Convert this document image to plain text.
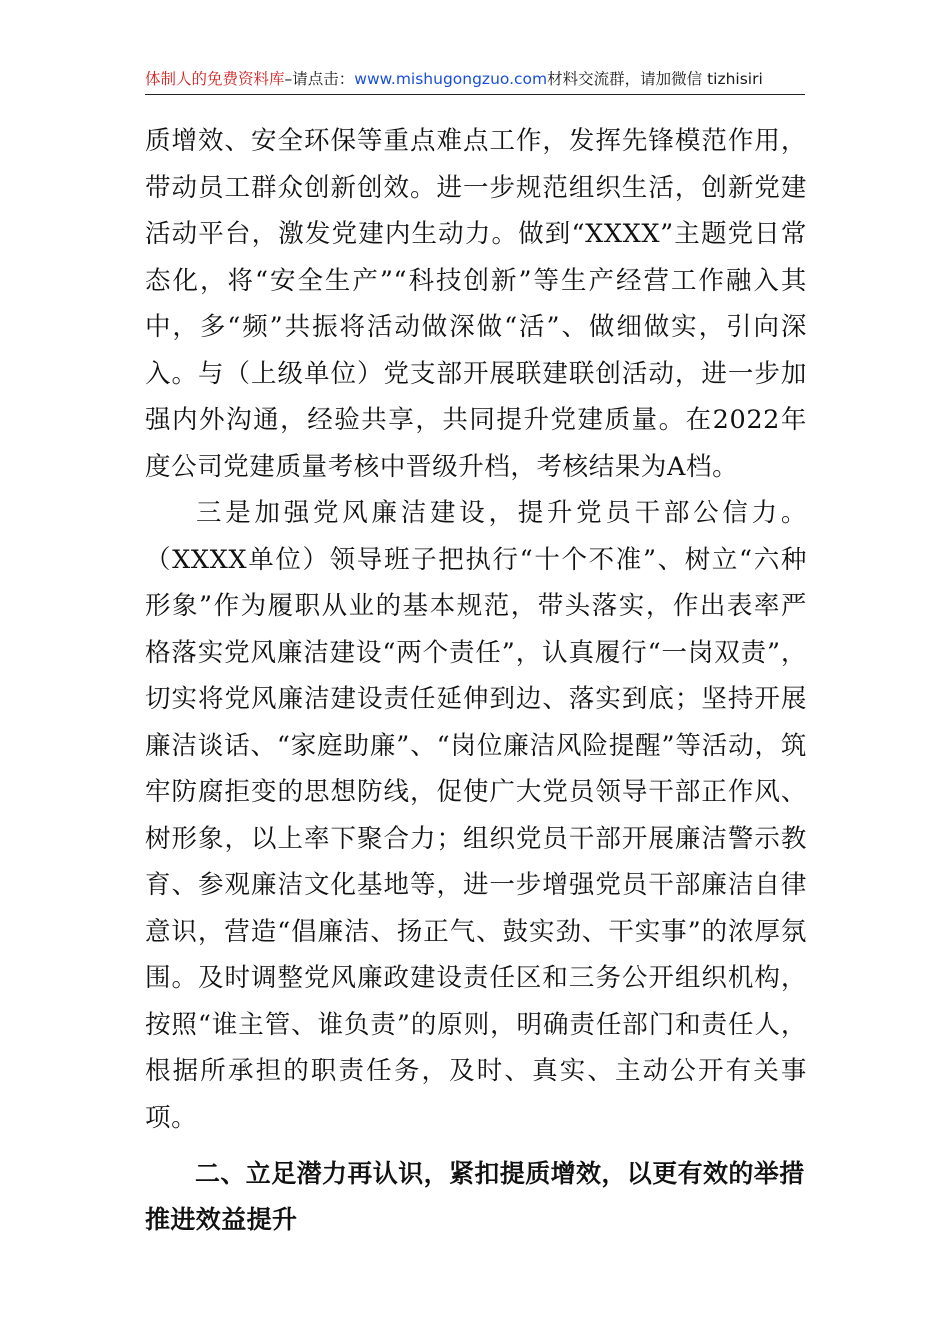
体制人的免费资料库–请点击：www.mishugongzuo.com材料交流群，请加微信 tizhisiri

质增效、安全环保等重点难点工作，发挥先锋模范作用，带动员工群众创新创效。进一步规范组织生活，创新党建活动平台，激发党建内生动力。做到“XXXX”主题党日常态化，将“安全生产”“科技创新”等生产经营工作融入其中，多“频”共振将活动做深做“活”、做细做实，引向深入。与（上级单位）党支部开展联建联创活动，进一步加强内外沟通，经验共享，共同提升党建质量。在2022年度公司党建质量考核中晋级升档，考核结果为A档。

三是加强党风廉洁建设，提升党员干部公信力。（XXXX单位）领导班子把执行“十个不准”、树立“六种形象”作为履职从业的基本规范，带头落实，作出表率严格落实党风廉洁建设“两个责任”，认真履行“一岗双责”，切实将党风廉洁建设责任延伸到边、落实到底；坚持开展廉洁谈话、“家庭助廉”、“岗位廉洁风险提醒”等活动，筑牢防腐拒变的思想防线，促使广大党员领导干部正作风、树形象，以上率下聚合力；组织党员干部开展廉洁警示教育、参观廉洁文化基地等，进一步增强党员干部廉洁自律意识，营造“倡廉洁、扬正气、鼓实劲、干实事”的浓厚氛围。及时调整党风廉政建设责任区和三务公开组织机构，按照“谁主管、谁负责”的原则，明确责任部门和责任人，根据所承担的职责任务，及时、真实、主动公开有关事项。

二、立足潜力再认识，紧扣提质增效，以更有效的举措推进效益提升
